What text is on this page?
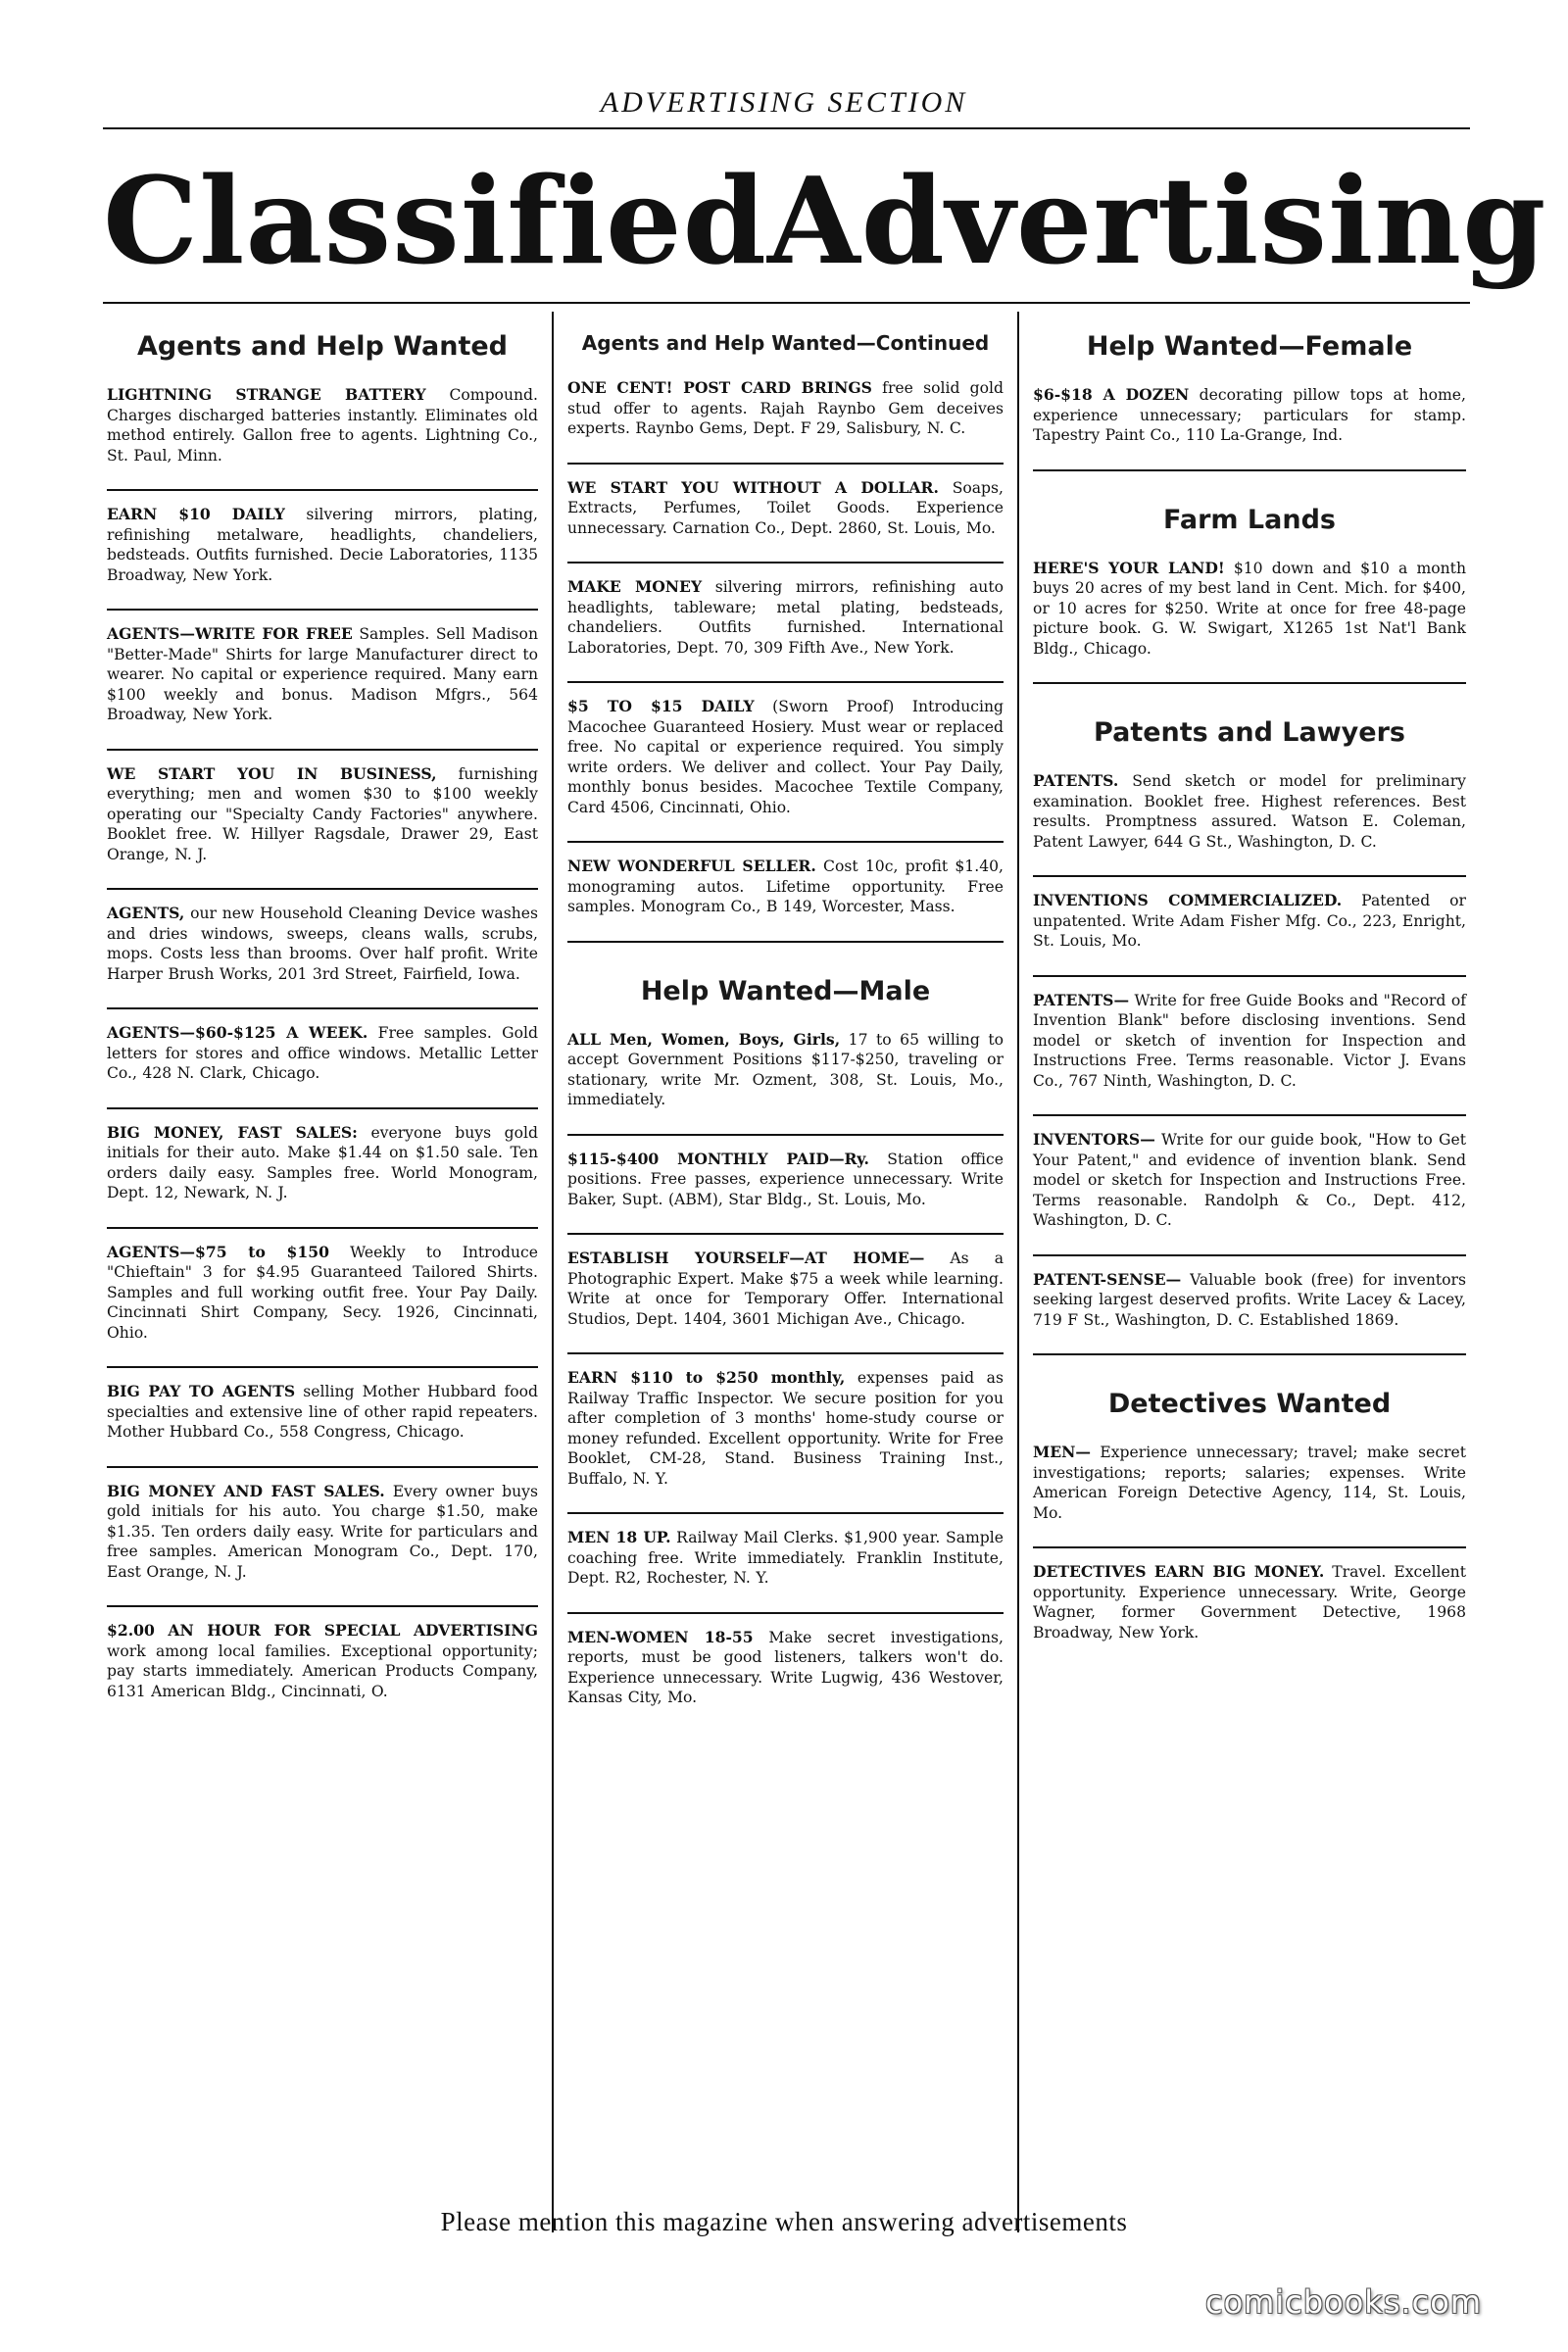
ADVERTISING SECTION
Classified Advertising
Agents and Help Wanted
LIGHTNING STRANGE BATTERY Compound. Charges discharged batteries instantly. Eliminates old method entirely. Gallon free to agents. Lightning Co., St. Paul, Minn.
EARN $10 DAILY silvering mirrors, plating, refinishing metalware, headlights, chandeliers, bedsteads. Outfits furnished. Decie Laboratories, 1135 Broadway, New York.
AGENTS—WRITE FOR FREE Samples. Sell Madison "Better-Made" Shirts for large Manufacturer direct to wearer. No capital or experience required. Many earn $100 weekly and bonus. Madison Mfgrs., 564 Broadway, New York.
WE START YOU IN BUSINESS, furnishing everything; men and women $30 to $100 weekly operating our "Specialty Candy Factories" anywhere. Booklet free. W. Hillyer Ragsdale, Drawer 29, East Orange, N. J.
AGENTS, our new Household Cleaning Device washes and dries windows, sweeps, cleans walls, scrubs, mops. Costs less than brooms. Over half profit. Write Harper Brush Works, 201 3rd Street, Fairfield, Iowa.
AGENTS—$60-$125 A WEEK. Free samples. Gold letters for stores and office windows. Metallic Letter Co., 428 N. Clark, Chicago.
BIG MONEY, FAST SALES: everyone buys gold initials for their auto. Make $1.44 on $1.50 sale. Ten orders daily easy. Samples free. World Monogram, Dept. 12, Newark, N. J.
AGENTS—$75 to $150 Weekly to Introduce "Chieftain" 3 for $4.95 Guaranteed Tailored Shirts. Samples and full working outfit free. Your Pay Daily. Cincinnati Shirt Company, Secy. 1926, Cincinnati, Ohio.
BIG PAY TO AGENTS selling Mother Hubbard food specialties and extensive line of other rapid repeaters. Mother Hubbard Co., 558 Congress, Chicago.
BIG MONEY AND FAST SALES. Every owner buys gold initials for his auto. You charge $1.50, make $1.35. Ten orders daily easy. Write for particulars and free samples. American Monogram Co., Dept. 170, East Orange, N. J.
$2.00 AN HOUR FOR SPECIAL ADVERTISING work among local families. Exceptional opportunity; pay starts immediately. American Products Company, 6131 American Bldg., Cincinnati, O.
Agents and Help Wanted—Continued
ONE CENT! POST CARD BRINGS free solid gold stud offer to agents. Rajah Raynbo Gem deceives experts. Raynbo Gems, Dept. F 29, Salisbury, N. C.
WE START YOU WITHOUT A DOLLAR. Soaps, Extracts, Perfumes, Toilet Goods. Experience unnecessary. Carnation Co., Dept. 2860, St. Louis, Mo.
MAKE MONEY silvering mirrors, refinishing auto headlights, tableware; metal plating, bedsteads, chandeliers. Outfits furnished. International Laboratories, Dept. 70, 309 Fifth Ave., New York.
$5 TO $15 DAILY (Sworn Proof) Introducing Macochee Guaranteed Hosiery. Must wear or replaced free. No capital or experience required. You simply write orders. We deliver and collect. Your Pay Daily, monthly bonus besides. Macochee Textile Company, Card 4506, Cincinnati, Ohio.
NEW WONDERFUL SELLER. Cost 10c, profit $1.40, monograming autos. Lifetime opportunity. Free samples. Monogram Co., B 149, Worcester, Mass.
Help Wanted—Male
ALL Men, Women, Boys, Girls, 17 to 65 willing to accept Government Positions $117-$250, traveling or stationary, write Mr. Ozment, 308, St. Louis, Mo., immediately.
$115-$400 MONTHLY PAID—Ry. Station office positions. Free passes, experience unnecessary. Write Baker, Supt. (ABM), Star Bldg., St. Louis, Mo.
ESTABLISH YOURSELF—AT HOME— As a Photographic Expert. Make $75 a week while learning. Write at once for Temporary Offer. International Studios, Dept. 1404, 3601 Michigan Ave., Chicago.
EARN $110 to $250 monthly, expenses paid as Railway Traffic Inspector. We secure position for you after completion of 3 months' home-study course or money refunded. Excellent opportunity. Write for Free Booklet, CM-28, Stand. Business Training Inst., Buffalo, N. Y.
MEN 18 UP. Railway Mail Clerks. $1,900 year. Sample coaching free. Write immediately. Franklin Institute, Dept. R2, Rochester, N. Y.
MEN-WOMEN 18-55 Make secret investigations, reports, must be good listeners, talkers won't do. Experience unnecessary. Write Lugwig, 436 Westover, Kansas City, Mo.
Help Wanted—Female
$6-$18 A DOZEN decorating pillow tops at home, experience unnecessary; particulars for stamp. Tapestry Paint Co., 110 La-Grange, Ind.
Farm Lands
HERE'S YOUR LAND! $10 down and $10 a month buys 20 acres of my best land in Cent. Mich. for $400, or 10 acres for $250. Write at once for free 48-page picture book. G. W. Swigart, X1265 1st Nat'l Bank Bldg., Chicago.
Patents and Lawyers
PATENTS. Send sketch or model for preliminary examination. Booklet free. Highest references. Best results. Promptness assured. Watson E. Coleman, Patent Lawyer, 644 G St., Washington, D. C.
INVENTIONS COMMERCIALIZED. Patented or unpatented. Write Adam Fisher Mfg. Co., 223, Enright, St. Louis, Mo.
PATENTS— Write for free Guide Books and "Record of Invention Blank" before disclosing inventions. Send model or sketch of invention for Inspection and Instructions Free. Terms reasonable. Victor J. Evans Co., 767 Ninth, Washington, D. C.
INVENTORS— Write for our guide book, "How to Get Your Patent," and evidence of invention blank. Send model or sketch for Inspection and Instructions Free. Terms reasonable. Randolph & Co., Dept. 412, Washington, D. C.
PATENT-SENSE— Valuable book (free) for inventors seeking largest deserved profits. Write Lacey & Lacey, 719 F St., Washington, D. C. Established 1869.
Detectives Wanted
MEN— Experience unnecessary; travel; make secret investigations; reports; salaries; expenses. Write American Foreign Detective Agency, 114, St. Louis, Mo.
DETECTIVES EARN BIG MONEY. Travel. Excellent opportunity. Experience unnecessary. Write, George Wagner, former Government Detective, 1968 Broadway, New York.
Please mention this magazine when answering advertisements
comicbooks.com
